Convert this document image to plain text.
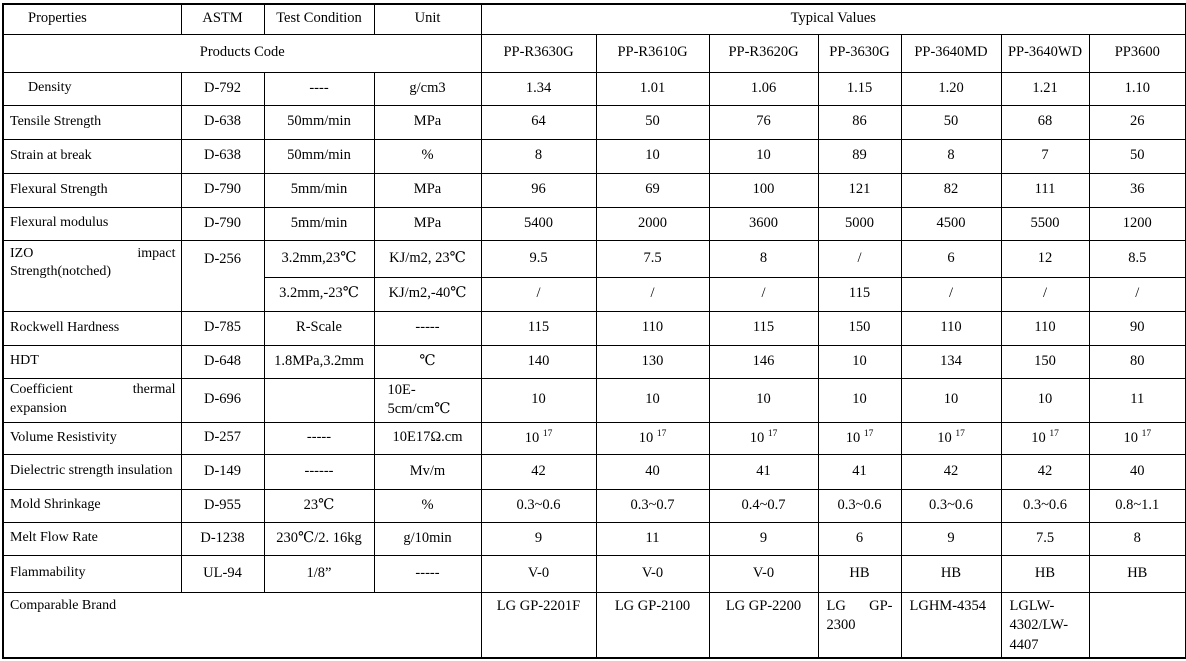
Properties	ASTM	Test Condition	Unit	Typical Values						
Products Code				PP-R3630G	PP-R3610G	PP-R3620G	PP-3630G	PP-3640MD	PP-3640WD	PP3600
Density	D-792	----	g/cm3	1.34	1.01	1.06	1.15	1.20	1.21	1.10
Tensile Strength	D-638	50mm/min	MPa	64	50	76	86	50	68	26
Strain at break	D-638	50mm/min	%	8	10	10	89	8	7	50
Flexural Strength	D-790	5mm/min	MPa	96	69	100	121	82	111	36
Flexural modulus	D-790	5mm/min	MPa	5400	2000	3600	5000	4500	5500	1200
IZO impact Strength(notched)	D-256	3.2mm,23℃	KJ/m2, 23℃	9.5	7.5	8	/	6	12	8.5
		3.2mm,-23℃	KJ/m2,-40℃	/	/	/	115	/	/	/
Rockwell Hardness	D-785	R-Scale	-----	115	110	115	150	110	110	90
HDT	D-648	1.8MPa,3.2mm	℃	140	130	146	10	134	150	80
Coefficient thermal expansion	D-696		10E-5cm/cm℃	10	10	10	10	10	10	11
Volume Resistivity	D-257	-----	10E17Ω.cm	10 $^{17}$	10 $^{17}$	10 $^{17}$	10 $^{17}$	10 $^{17}$	10 $^{17}$	10 $^{17}$
Dielectric strength insulation	D-149	------	Mv/m	42	40	41	41	42	42	40
Mold Shrinkage	D-955	23℃	%	0.3~0.6	0.3~0.7	0.4~0.7	0.3~0.6	0.3~0.6	0.3~0.6	0.8~1.1
Melt Flow Rate	D-1238	230℃/2. 16kg	g/10min	9	11	9	6	9	7.5	8
Flammability	UL-94	1/8”	-----	V-0	V-0	V-0	HB	HB	HB	HB
Comparable Brand				LG GP-2201F	LG GP-2100	LG GP-2200	LG GP-2300	LGHM-4354	LGLW-4302/LW-4407	
